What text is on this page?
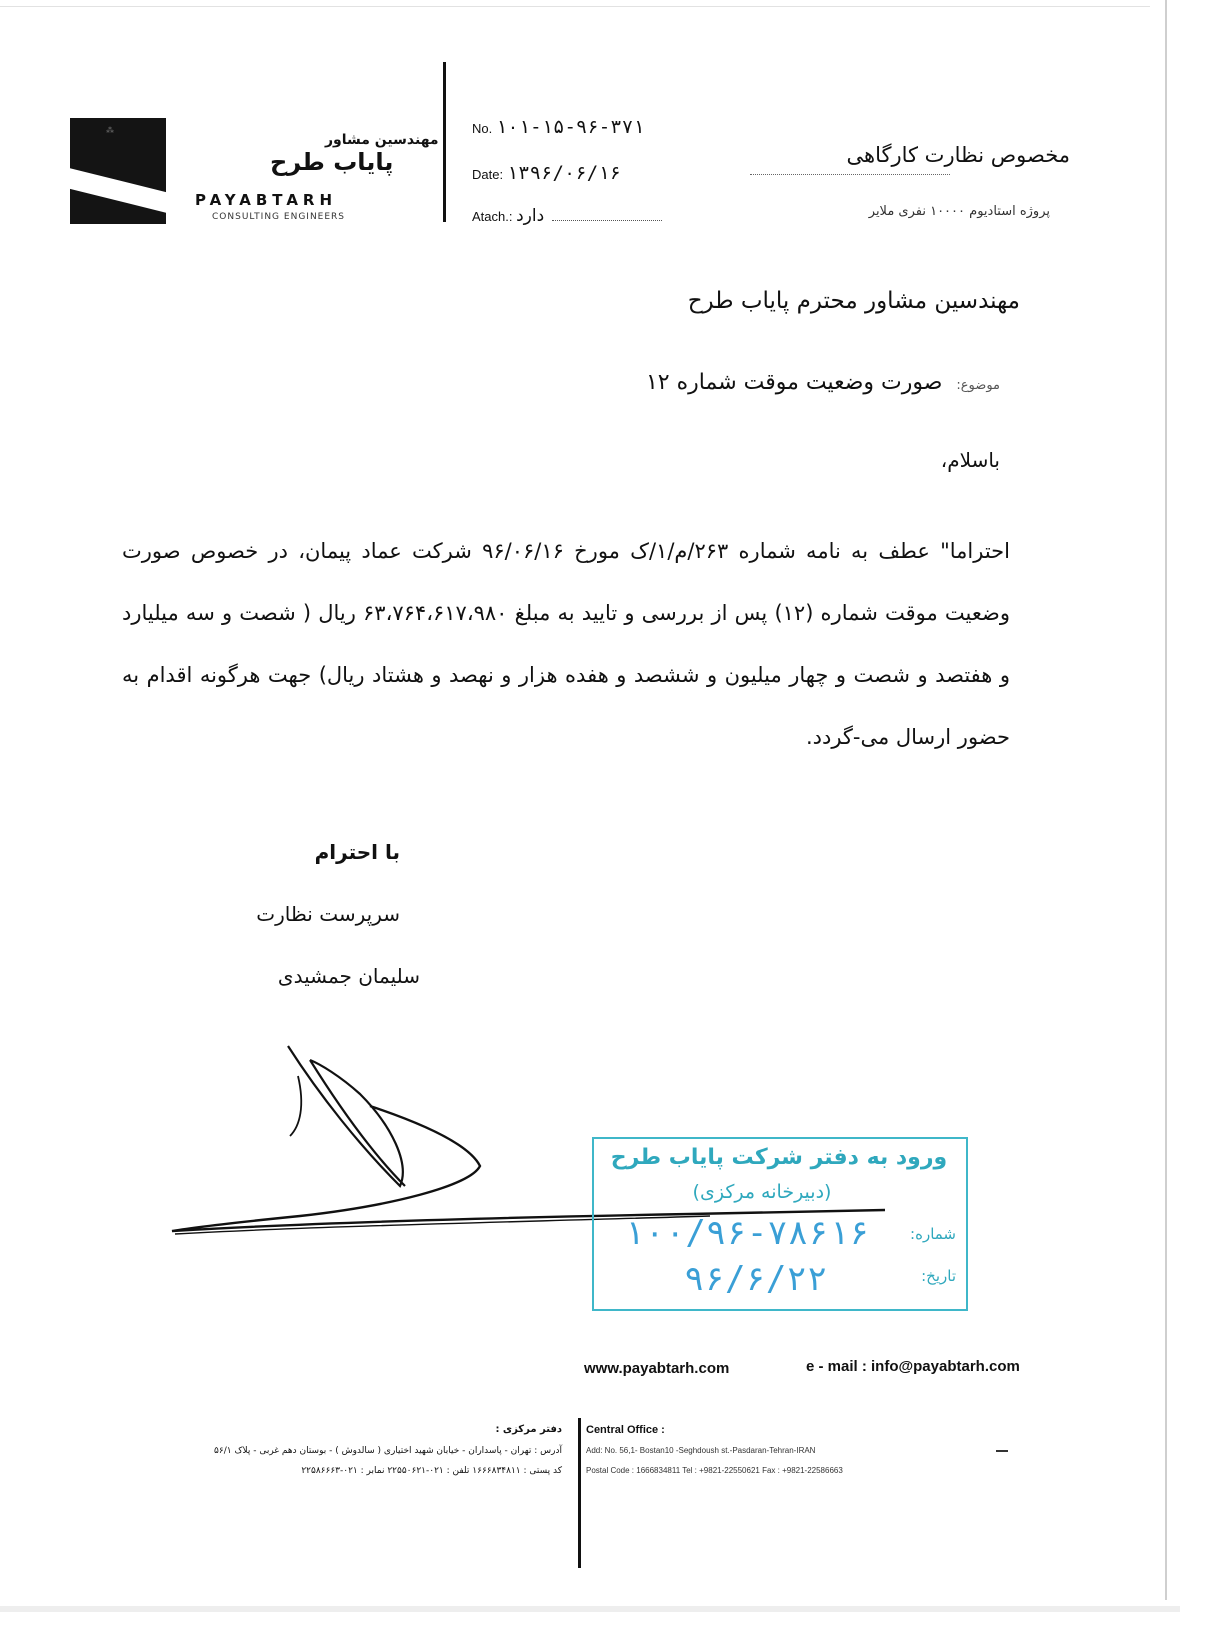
⁂
مهندسین مشاور
پایاب طرح
PAYABTARH
CONSULTING ENGINEERS
No. ۱۰۱-۱۵-۹۶-۳۷۱
Date: ۱۳۹۶/۰۶/۱۶
Atach.: دارد
مخصوص نظارت کارگاهی
پروژه استادیوم ۱۰۰۰۰ نفری ملایر
مهندسین مشاور محترم پایاب طرح
موضوع:صورت وضعیت موقت شماره ۱۲
باسلام،
احتراما" عطف به نامه شماره ۲۶۳/م/۱/ک مورخ ۹۶/۰۶/۱۶ شرکت عماد پیمان، در خصوص صورت وضعیت موقت شماره (۱۲) پس از بررسی و تایید به مبلغ ۶۳،۷۶۴،۶۱۷،۹۸۰ ریال ( شصت و سه میلیارد و هفتصد و شصت و چهار میلیون و ششصد و هفده هزار و نهصد و هشتاد ریال) جهت هرگونه اقدام به حضور ارسال می-گردد.
با احترام
سرپرست نظارت
سلیمان جمشیدی
ورود به دفتر شرکت پایاب طرح
(دبیرخانه مرکزی)
شماره:
۱۰۰/۹۶-۷۸۶۱۶
تاریخ:
۹۶/۶/۲۲
www.payabtarh.com	e - mail : info@payabtarh.com
دفتر مرکزی :
آدرس : تهران - پاسداران - خیابان شهید اختیاری ( سالدوش ) - بوستان دهم غربی - پلاک ۵۶/۱
کد پستی : ۱۶۶۶۸۳۴۸۱۱ تلفن : ۰۲۱-۲۲۵۵۰۶۲۱ نمابر : ۰۲۱-۲۲۵۸۶۶۶۳
Central Office :
Add: No. 56,1- Bostan10 -Seghdoush st.-Pasdaran-Tehran-IRAN
Postal Code : 1666834811 Tel : +9821-22550621 Fax : +9821-22586663
